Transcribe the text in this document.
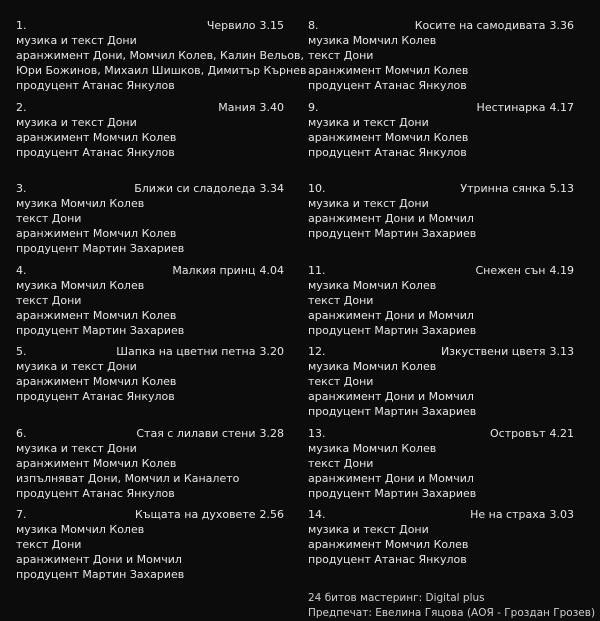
1.	Червило 3.15
музика и текст Дони
аранжимент Дони, Момчил Колев, Калин Вельов,
Юри Божинов, Михаил Шишков, Димитър Кърнев
продуцент Атанас Янкулов
2.	Мания 3.40
музика и текст Дони
аранжимент Момчил Колев
продуцент Атанас Янкулов
3.	Ближи си сладоледа 3.34
музика Момчил Колев
текст Дони
аранжимент Момчил Колев
продуцент Мартин Захариев
4.	Малкия принц 4.04
музика Момчил Колев
текст Дони
аранжимент Момчил Колев
продуцент Мартин Захариев
5.	Шапка на цветни петна 3.20
музика и текст Дони
аранжимент Момчил Колев
продуцент Атанас Янкулов
6.	Стая с лилави стени 3.28
музика и текст Дони
аранжимент Момчил Колев
изпълняват Дони, Момчил и Каналето
продуцент Атанас Янкулов
7.	Къщата на духовете 2.56
музика Момчил Колев
текст Дони
аранжимент Дони и Момчил
продуцент Мартин Захариев
8.	Косите на самодивата 3.36
музика Момчил Колев
текст Дони
аранжимент Момчил Колев
продуцент Атанас Янкулов
9.	Нестинарка 4.17
музика и текст Дони
аранжимент Момчил Колев
продуцент Атанас Янкулов
10.	Утринна сянка 5.13
музика и текст Дони
аранжимент Дони и Момчил
продуцент Мартин Захариев
11.	Снежен сън 4.19
музика Момчил Колев
текст Дони
аранжимент Дони и Момчил
продуцент Мартин Захариев
12.	Изкуствени цветя 3.13
музика Момчил Колев
текст Дони
аранжимент Дони и Момчил
продуцент Мартин Захариев
13.	Островът 4.21
музика Момчил Колев
текст Дони
аранжимент Дони и Момчил
продуцент Мартин Захариев
14.	Не на страха 3.03
музика и текст Дони
аранжимент Момчил Колев
продуцент Атанас Янкулов
24 битов мастеринг: Digital plus
Предпечат: Евелина Гяцова (АОЯ - Гроздан Грозев)
